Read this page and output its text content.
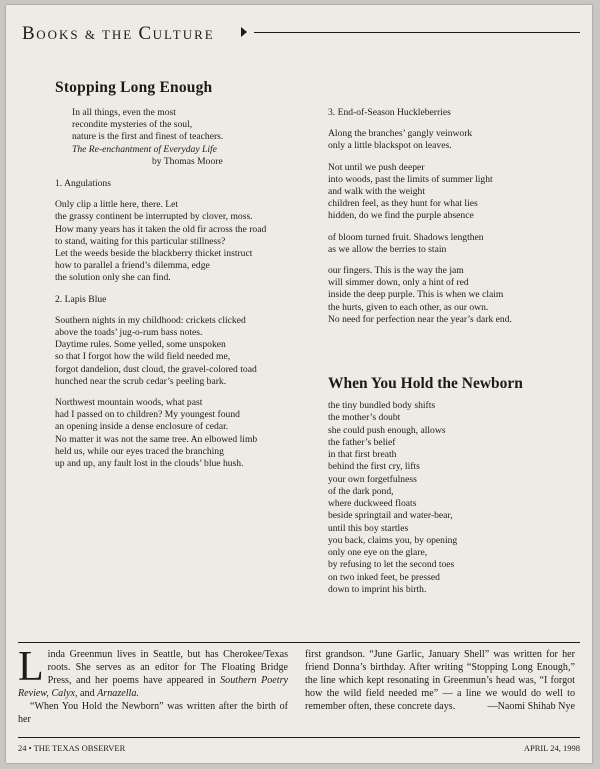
BOOKS & THE CULTURE
Stopping Long Enough
In all things, even the most
recondite mysteries of the soul,
nature is the first and finest of teachers.
The Re-enchantment of Everyday Life
by Thomas Moore
1. Angulations
Only clip a little here, there. Let
the grassy continent be interrupted by clover, moss.
How many years has it taken the old fir across the road
to stand, waiting for this particular stillness?
Let the weeds beside the blackberry thicket instruct
how to parallel a friend’s dilemma, edge
the solution only she can find.
2. Lapis Blue
Southern nights in my childhood: crickets clicked
above the toads’ jug-o-rum bass notes.
Daytime rules. Some yelled, some unspoken
so that I forgot how the wild field needed me,
forgot dandelion, dust cloud, the gravel-colored toad
hunched near the scrub cedar’s peeling bark.
Northwest mountain woods, what past
had I passed on to children? My youngest found
an opening inside a dense enclosure of cedar.
No matter it was not the same tree. An elbowed limb
held us, while our eyes traced the branching
up and up, any fault lost in the clouds’ blue hush.
3. End-of-Season Huckleberries
Along the branches’ gangly veinwork
only a little blackspot on leaves.
Not until we push deeper
into woods, past the limits of summer light
and walk with the weight
children feel, as they hunt for what lies
hidden, do we find the purple absence
of bloom turned fruit. Shadows lengthen
as we allow the berries to stain
our fingers. This is the way the jam
will simmer down, only a hint of red
inside the deep purple. This is when we claim
the hurts, given to each other, as our own.
No need for perfection near the year’s dark end.
When You Hold the Newborn
the tiny bundled body shifts
the mother’s doubt
she could push enough, allows
the father’s belief
in that first breath
behind the first cry, lifts
your own forgetfulness
of the dark pond,
where duckweed floats
beside springtail and water-bear,
until this boy startles
you back, claims you, by opening
only one eye on the glare,
by refusing to let the second toes
on two inked feet, be pressed
down to imprint his birth.

Linda Greenmun lives in Seattle, but has Cherokee/Texas roots. She serves as an editor for The Floating Bridge Press, and her poems have appeared in Southern Poetry Review, Calyx, and Arnazella.

“When You Hold the Newborn” was written after the birth of her

first grandson. “June Garlic, January Shell” was written for her friend Donna’s birthday. After writing “Stopping Long Enough,” the line which kept resonating in Greenmun’s head was, “I forgot how the wild field needed me” — a line we would do well to remember often, these concrete days.	—Naomi Shihab Nye

24 • THE TEXAS OBSERVER	APRIL 24, 1998
